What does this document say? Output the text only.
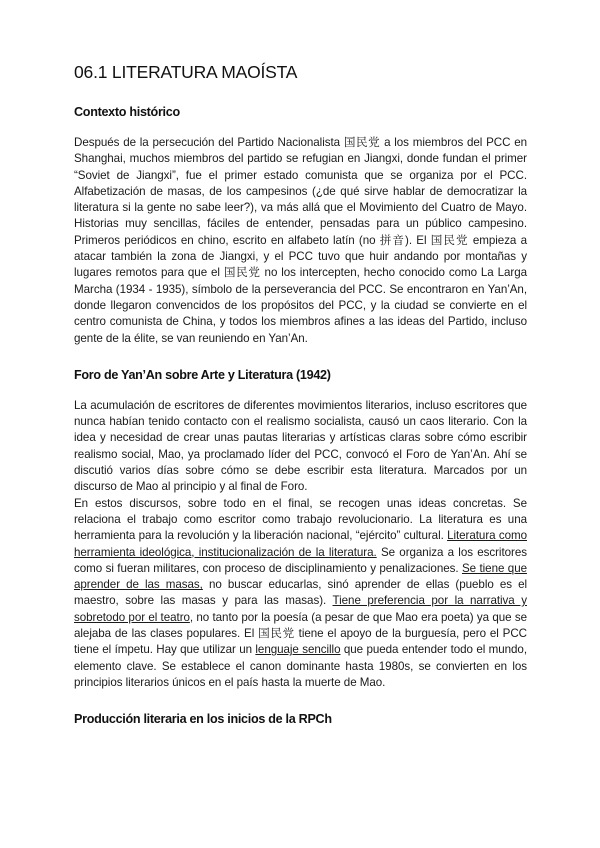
06.1 LITERATURA MAOÍSTA
Contexto histórico

Después de la persecución del Partido Nacionalista 国民党 a los miembros del PCC en Shanghai, muchos miembros del partido se refugian en Jiangxi, donde fundan el primer “Soviet de Jiangxi”, fue el primer estado comunista que se organiza por el PCC. Alfabetización de masas, de los campesinos (¿de qué sirve hablar de democratizar la literatura si la gente no sabe leer?), va más allá que el Movimiento del Cuatro de Mayo. Historias muy sencillas, fáciles de entender, pensadas para un público campesino. Primeros periódicos en chino, escrito en alfabeto latín (no 拼音). El 国民党 empieza a atacar también la zona de Jiangxi, y el PCC tuvo que huir andando por montañas y lugares remotos para que el 国民党 no los intercepten, hecho conocido como La Larga Marcha (1934 - 1935), símbolo de la perseverancia del PCC. Se encontraron en Yan’An, donde llegaron convencidos de los propósitos del PCC, y la ciudad se convierte en el centro comunista de China, y todos los miembros afines a las ideas del Partido, incluso gente de la élite, se van reuniendo en Yan’An.

Foro de Yan’An sobre Arte y Literatura (1942)

La acumulación de escritores de diferentes movimientos literarios, incluso escritores que nunca habían tenido contacto con el realismo socialista, causó un caos literario. Con la idea y necesidad de crear unas pautas literarias y artísticas claras sobre cómo escribir realismo social, Mao, ya proclamado líder del PCC, convocó el Foro de Yan’An. Ahí se discutió varios días sobre cómo se debe escribir esta literatura. Marcados por un discurso de Mao al principio y al final de Foro.

En estos discursos, sobre todo en el final, se recogen unas ideas concretas. Se relaciona el trabajo como escritor como trabajo revolucionario. La literatura es una herramienta para la revolución y la liberación nacional, “ejército” cultural. Literatura como herramienta ideológica, institucionalización de la literatura. Se organiza a los escritores como si fueran militares, con proceso de disciplinamiento y penalizaciones. Se tiene que aprender de las masas, no buscar educarlas, sinó aprender de ellas (pueblo es el maestro, sobre las masas y para las masas). Tiene preferencia por la narrativa y sobretodo por el teatro, no tanto por la poesía (a pesar de que Mao era poeta) ya que se alejaba de las clases populares. El 国民党 tiene el apoyo de la burguesía, pero el PCC tiene el ímpetu. Hay que utilizar un lenguaje sencillo que pueda entender todo el mundo, elemento clave. Se establece el canon dominante hasta 1980s, se convierten en los principios literarios únicos en el país hasta la muerte de Mao.

Producción literaria en los inicios de la RPCh
